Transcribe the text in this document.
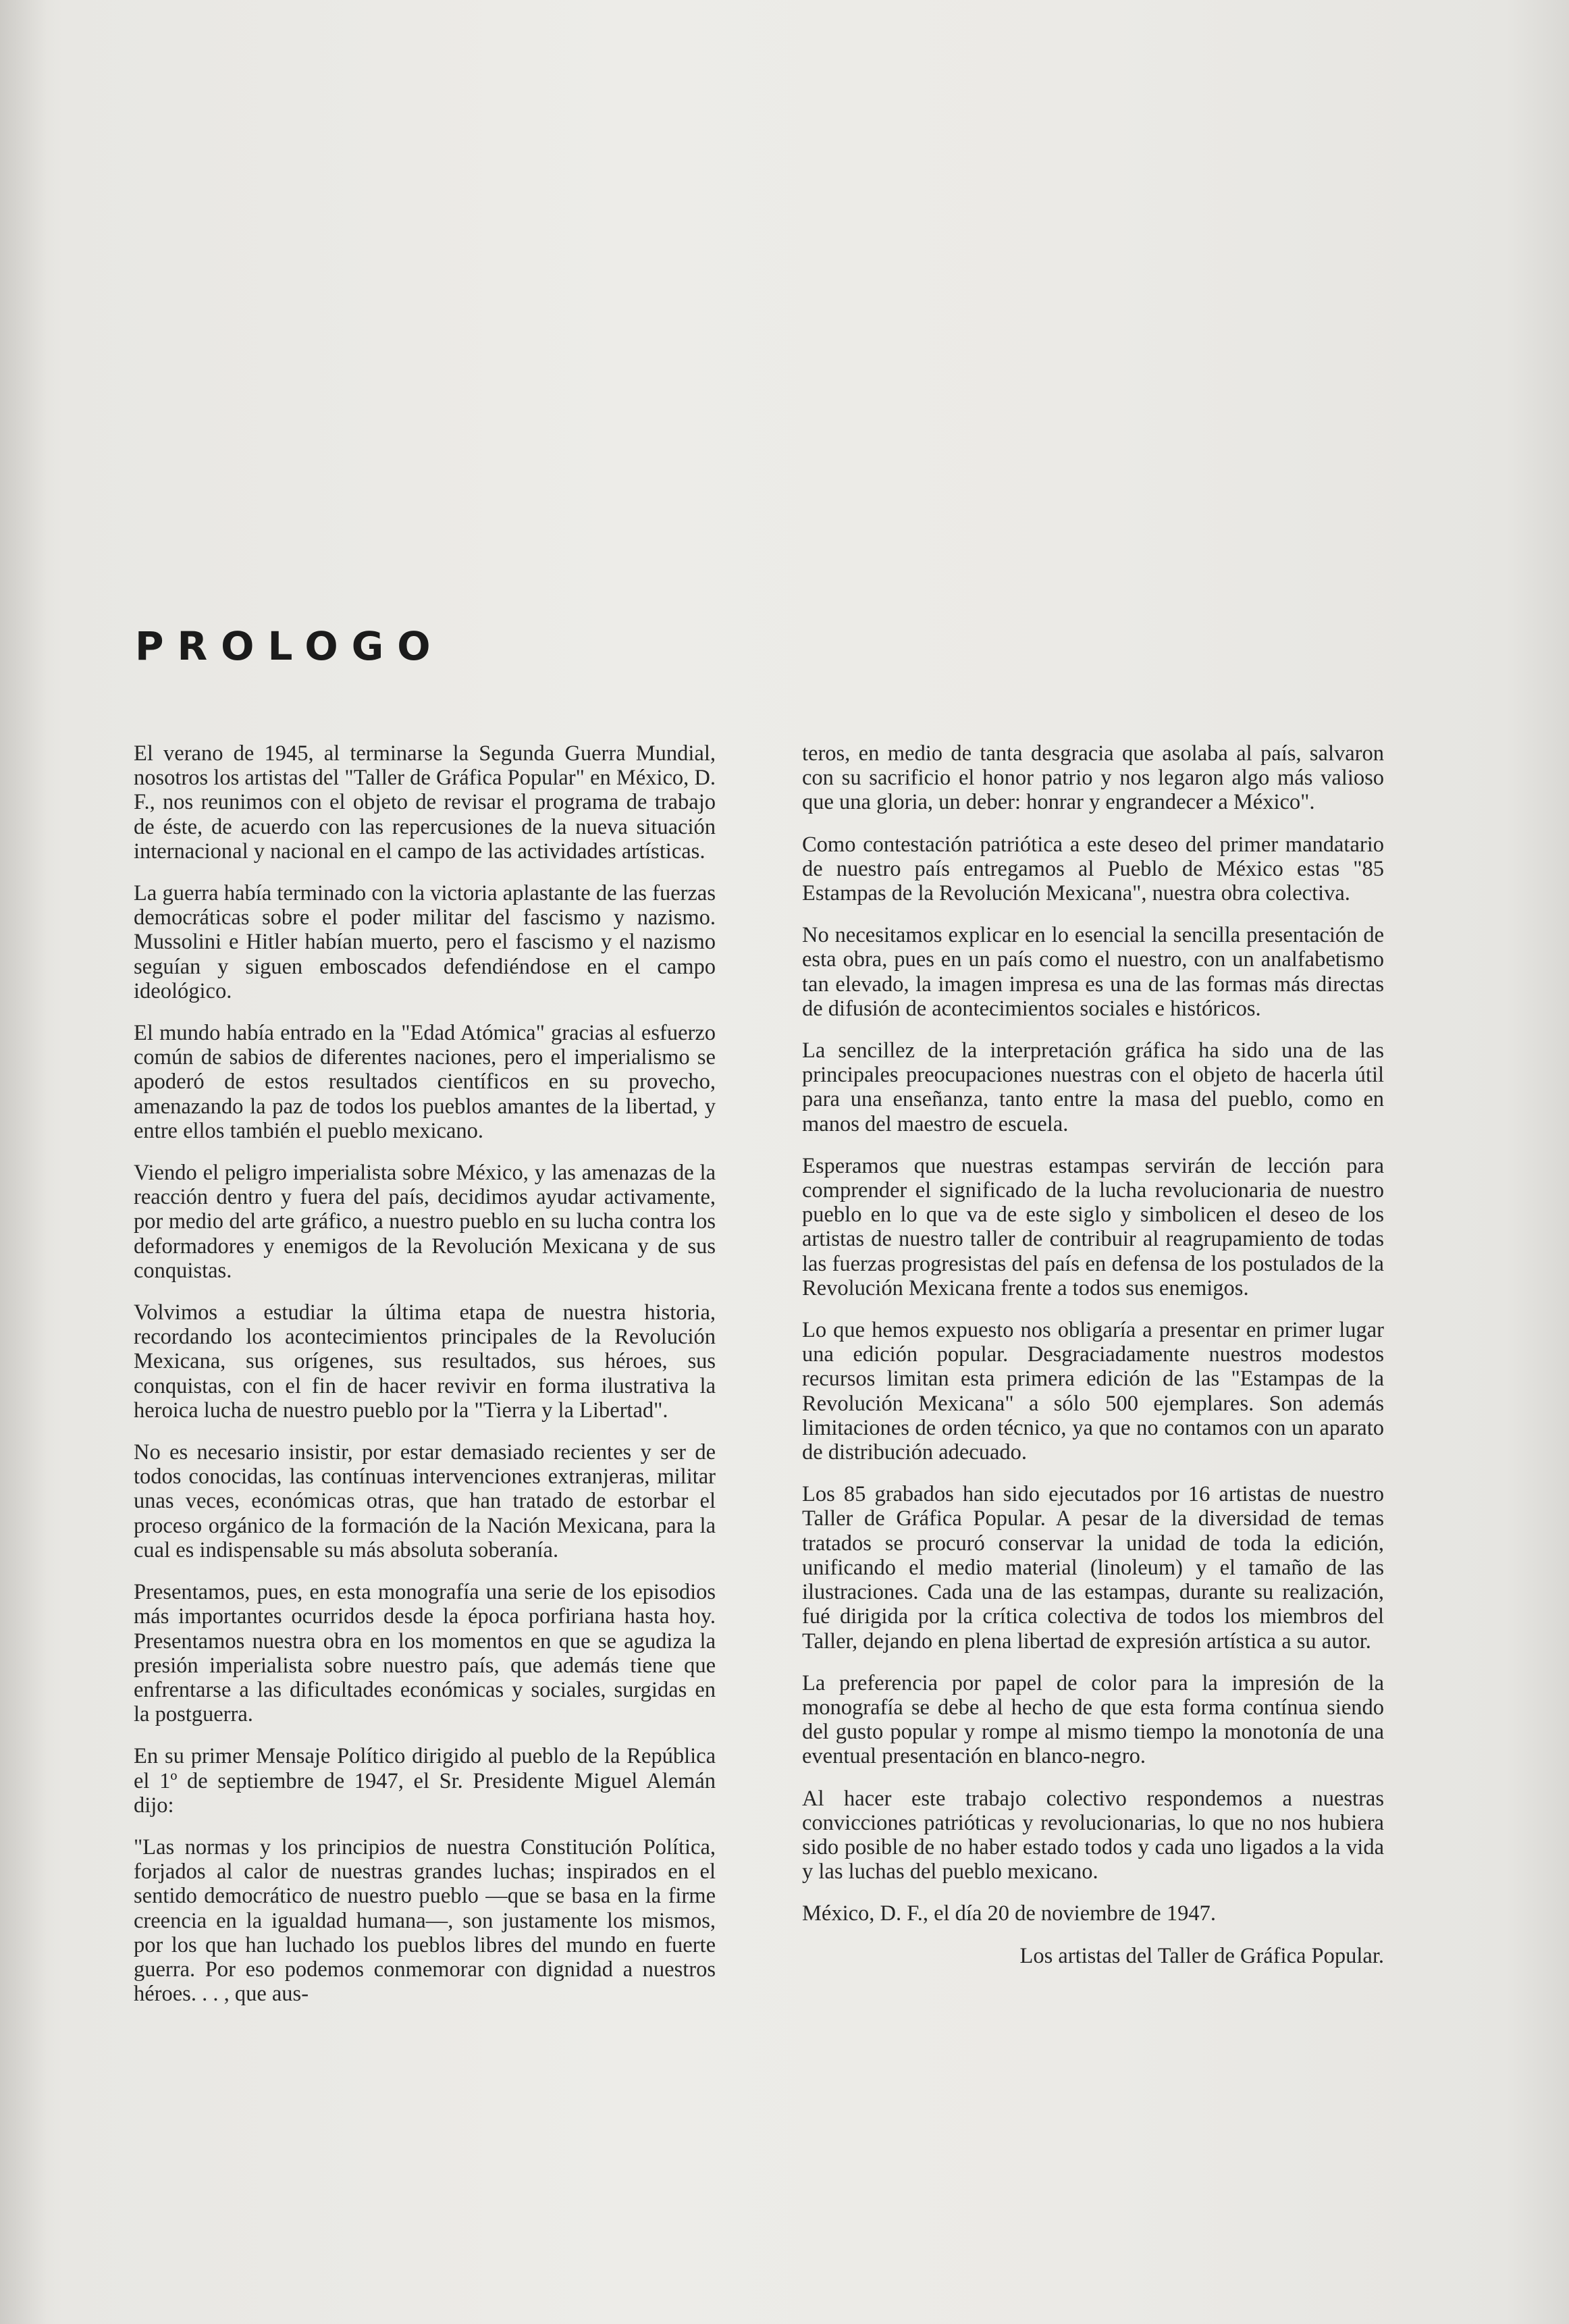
PROLOGO

El verano de 1945, al terminarse la Segunda Guerra Mundial, nosotros los artistas del "Taller de Gráfica Popular" en México, D. F., nos reunimos con el objeto de revisar el programa de trabajo de éste, de acuerdo con las repercusiones de la nueva situación internacional y nacional en el campo de las actividades artísticas.

La guerra había terminado con la victoria aplastante de las fuerzas democráticas sobre el poder militar del fascismo y nazismo. Mussolini e Hitler habían muerto, pero el fascismo y el nazismo seguían y siguen emboscados defendiéndose en el campo ideológico.

El mundo había entrado en la "Edad Atómica" gracias al esfuerzo común de sabios de diferentes naciones, pero el imperialismo se apoderó de estos resultados científicos en su provecho, amenazando la paz de todos los pueblos amantes de la libertad, y entre ellos también el pueblo mexicano.

Viendo el peligro imperialista sobre México, y las amenazas de la reacción dentro y fuera del país, decidimos ayudar activamente, por medio del arte gráfico, a nuestro pueblo en su lucha contra los deformadores y enemigos de la Revolución Mexicana y de sus conquistas.

Volvimos a estudiar la última etapa de nuestra historia, recordando los acontecimientos principales de la Revolución Mexicana, sus orígenes, sus resultados, sus héroes, sus conquistas, con el fin de hacer revivir en forma ilustrativa la heroica lucha de nuestro pueblo por la "Tierra y la Libertad".

No es necesario insistir, por estar demasiado recientes y ser de todos conocidas, las contínuas intervenciones extranjeras, militar unas veces, económicas otras, que han tratado de estorbar el proceso orgánico de la formación de la Nación Mexicana, para la cual es indispensable su más absoluta soberanía.

Presentamos, pues, en esta monografía una serie de los episodios más importantes ocurridos desde la época porfiriana hasta hoy. Presentamos nuestra obra en los momentos en que se agudiza la presión imperialista sobre nuestro país, que además tiene que enfrentarse a las dificultades económicas y sociales, surgidas en la postguerra.

En su primer Mensaje Político dirigido al pueblo de la República el 1º de septiembre de 1947, el Sr. Presidente Miguel Alemán dijo:

"Las normas y los principios de nuestra Constitución Política, forjados al calor de nuestras grandes luchas; inspirados en el sentido democrático de nuestro pueblo —que se basa en la firme creencia en la igualdad humana—, son justamente los mismos, por los que han luchado los pueblos libres del mundo en fuerte guerra. Por eso podemos conmemorar con dignidad a nuestros héroes. . . , que aus-

teros, en medio de tanta desgracia que asolaba al país, salvaron con su sacrificio el honor patrio y nos legaron algo más valioso que una gloria, un deber: honrar y engrandecer a México".

Como contestación patriótica a este deseo del primer mandatario de nuestro país entregamos al Pueblo de México estas "85 Estampas de la Revolución Mexicana", nuestra obra colectiva.

No necesitamos explicar en lo esencial la sencilla presentación de esta obra, pues en un país como el nuestro, con un analfabetismo tan elevado, la imagen impresa es una de las formas más directas de difusión de acontecimientos sociales e históricos.

La sencillez de la interpretación gráfica ha sido una de las principales preocupaciones nuestras con el objeto de hacerla útil para una enseñanza, tanto entre la masa del pueblo, como en manos del maestro de escuela.

Esperamos que nuestras estampas servirán de lección para comprender el significado de la lucha revolucionaria de nuestro pueblo en lo que va de este siglo y simbolicen el deseo de los artistas de nuestro taller de contribuir al reagrupamiento de todas las fuerzas progresistas del país en defensa de los postulados de la Revolución Mexicana frente a todos sus enemigos.

Lo que hemos expuesto nos obligaría a presentar en primer lugar una edición popular. Desgraciadamente nuestros modestos recursos limitan esta primera edición de las "Estampas de la Revolución Mexicana" a sólo 500 ejemplares. Son además limitaciones de orden técnico, ya que no contamos con un aparato de distribución adecuado.

Los 85 grabados han sido ejecutados por 16 artistas de nuestro Taller de Gráfica Popular. A pesar de la diversidad de temas tratados se procuró conservar la unidad de toda la edición, unificando el medio material (linoleum) y el tamaño de las ilustraciones. Cada una de las estampas, durante su realización, fué dirigida por la crítica colectiva de todos los miembros del Taller, dejando en plena libertad de expresión artística a su autor.

La preferencia por papel de color para la impresión de la monografía se debe al hecho de que esta forma contínua siendo del gusto popular y rompe al mismo tiempo la monotonía de una eventual presentación en blanco-negro.

Al hacer este trabajo colectivo respondemos a nuestras convicciones patrióticas y revolucionarias, lo que no nos hubiera sido posible de no haber estado todos y cada uno ligados a la vida y las luchas del pueblo mexicano.

México, D. F., el día 20 de noviembre de 1947.

Los artistas del Taller de Gráfica Popular.
